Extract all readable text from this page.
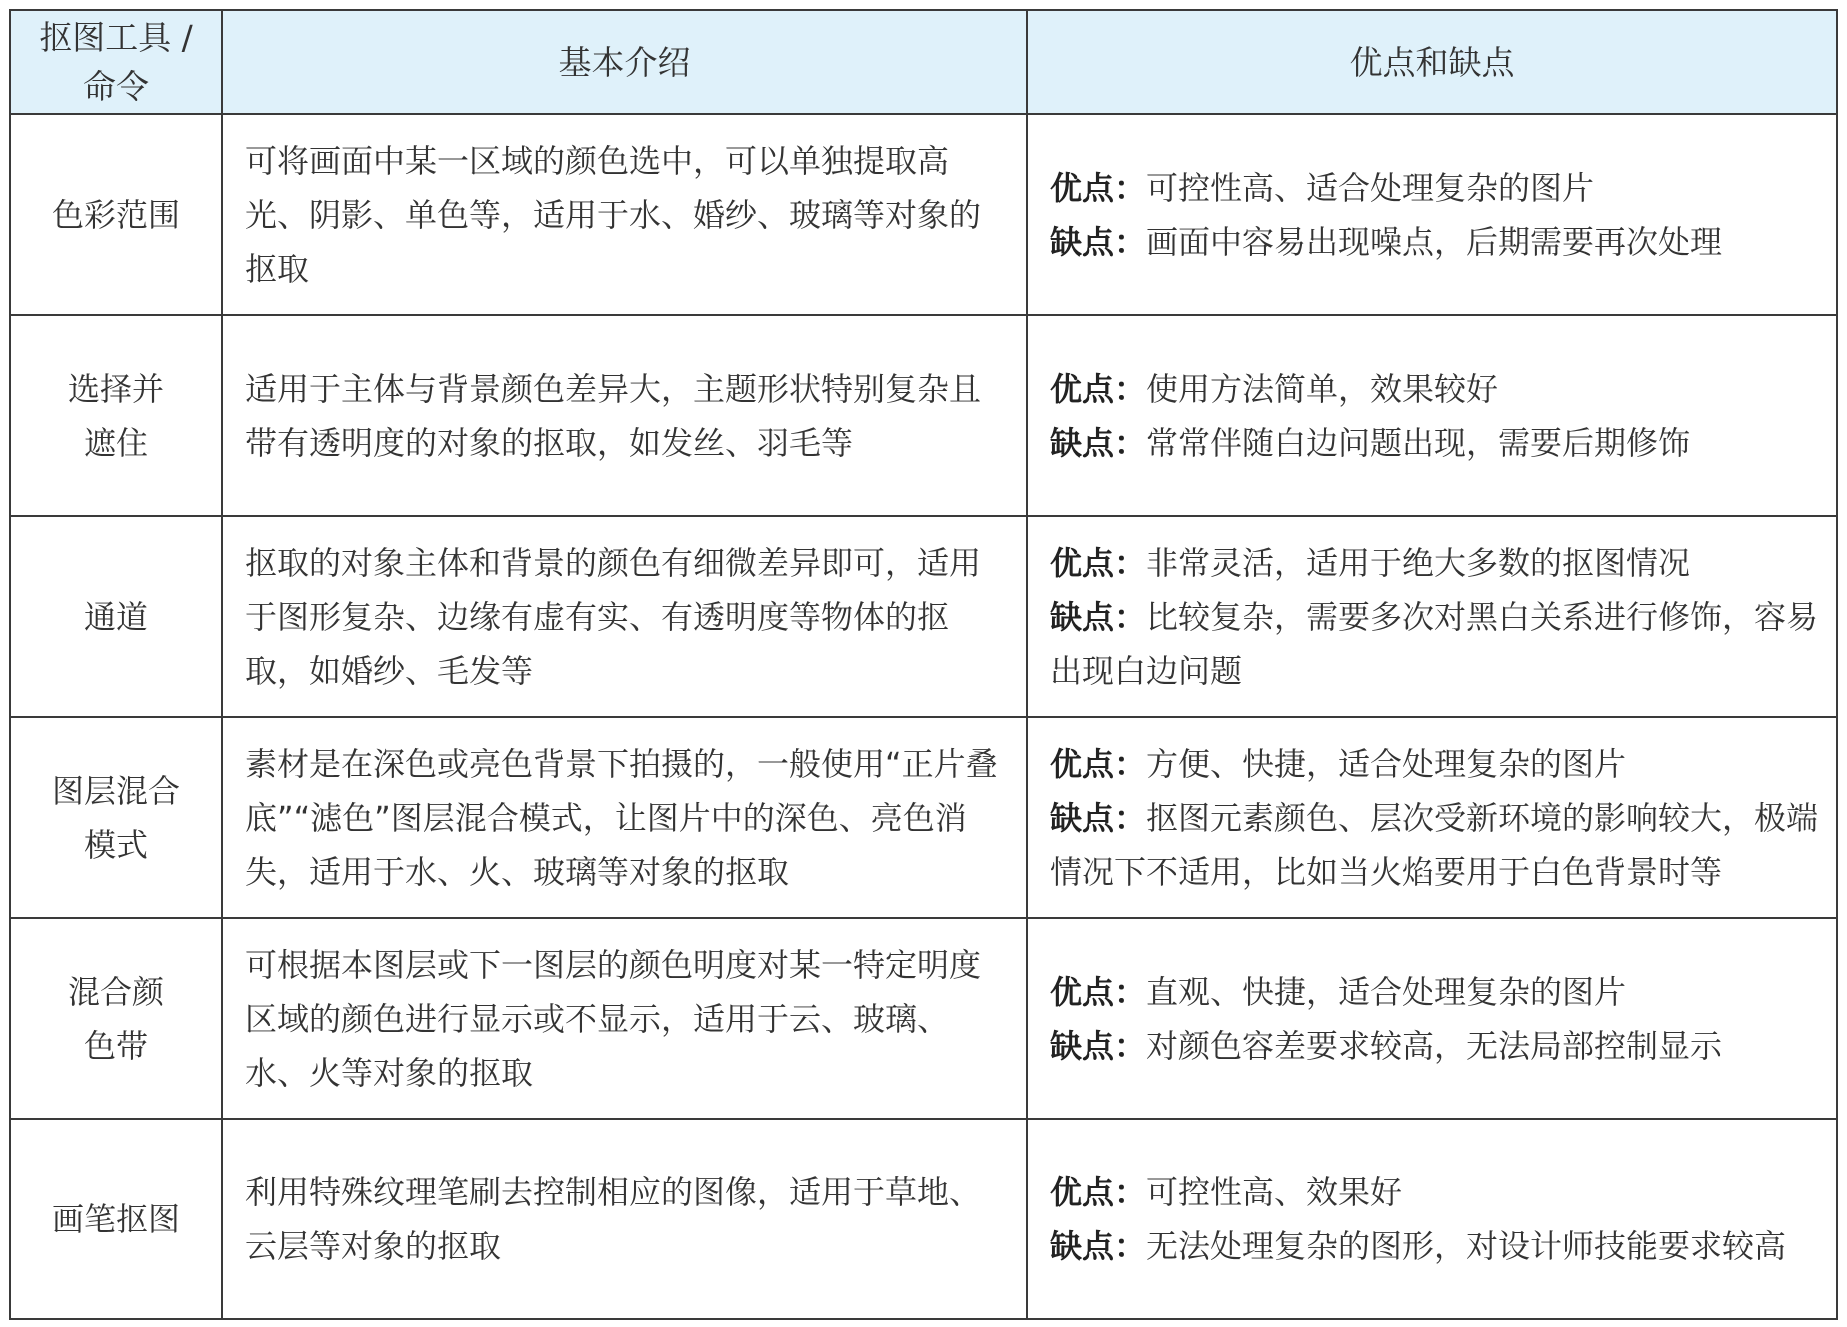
抠图工具 /
命令	基本介绍	优点和缺点

色彩范围	可将画面中某一区域的颜色选中，可以单独提取高光、阴影、单色等，适用于水、婚纱、玻璃等对象的抠取	优点：可控性高、适合处理复杂的图片
缺点：画面中容易出现噪点，后期需要再次处理

选择并
遮住	适用于主体与背景颜色差异大，主题形状特别复杂且带有透明度的对象的抠取，如发丝、羽毛等	优点：使用方法简单，效果较好
缺点：常常伴随白边问题出现，需要后期修饰

通道	抠取的对象主体和背景的颜色有细微差异即可，适用于图形复杂、边缘有虚有实、有透明度等物体的抠取，如婚纱、毛发等	优点：非常灵活，适用于绝大多数的抠图情况
缺点：比较复杂，需要多次对黑白关系进行修饰，容易出现白边问题

图层混合
模式	素材是在深色或亮色背景下拍摄的，一般使用“正片叠底”“滤色”图层混合模式，让图片中的深色、亮色消失，适用于水、火、玻璃等对象的抠取	优点：方便、快捷，适合处理复杂的图片
缺点：抠图元素颜色、层次受新环境的影响较大，极端情况下不适用，比如当火焰要用于白色背景时等

混合颜
色带	可根据本图层或下一图层的颜色明度对某一特定明度区域的颜色进行显示或不显示，适用于云、玻璃、水、火等对象的抠取	优点：直观、快捷，适合处理复杂的图片
缺点：对颜色容差要求较高，无法局部控制显示

画笔抠图	利用特殊纹理笔刷去控制相应的图像，适用于草地、云层等对象的抠取	优点：可控性高、效果好
缺点：无法处理复杂的图形，对设计师技能要求较高
